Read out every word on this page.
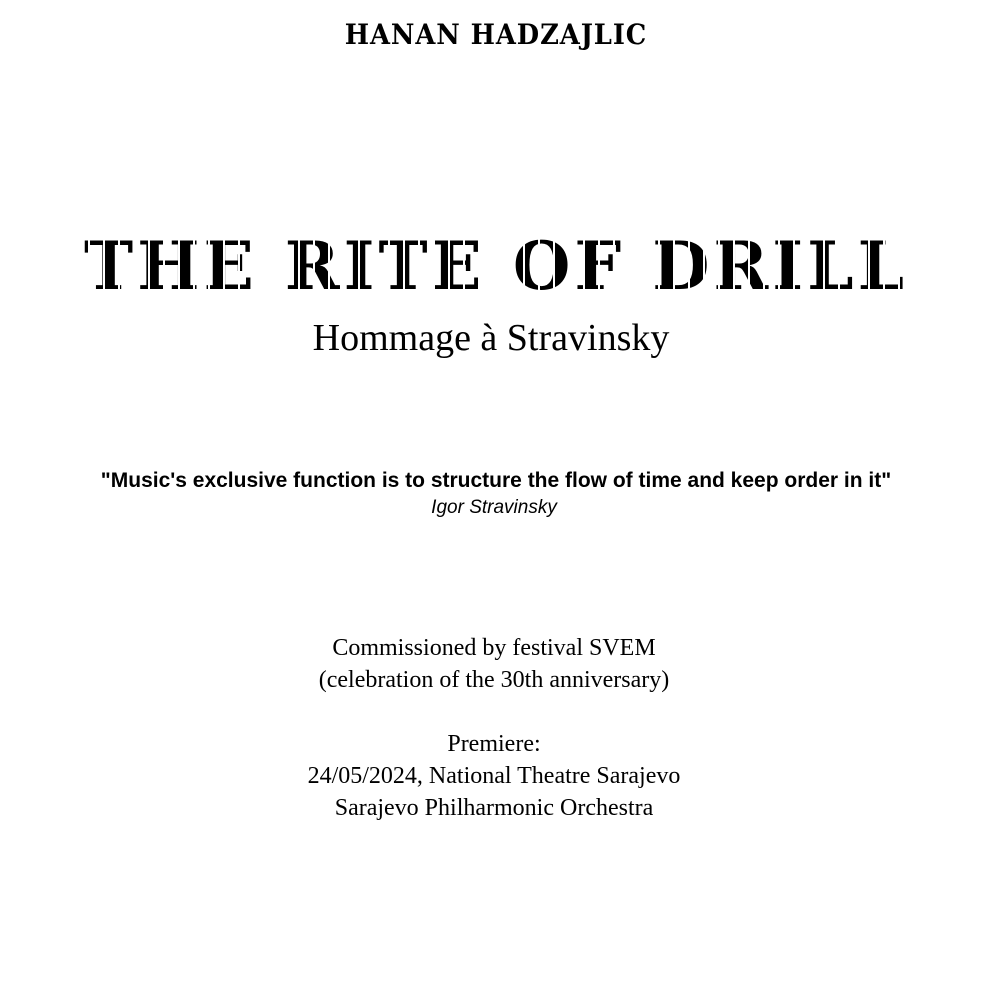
HANAN HADZAJLIC
THE RITE OF DRILL
Hommage à Stravinsky
"Music's exclusive function is to structure the flow of time and keep order in it"
Igor Stravinsky
Commissioned by festival SVEM
(celebration of the 30th anniversary)
Premiere:
24/05/2024, National Theatre Sarajevo
Sarajevo Philharmonic Orchestra
